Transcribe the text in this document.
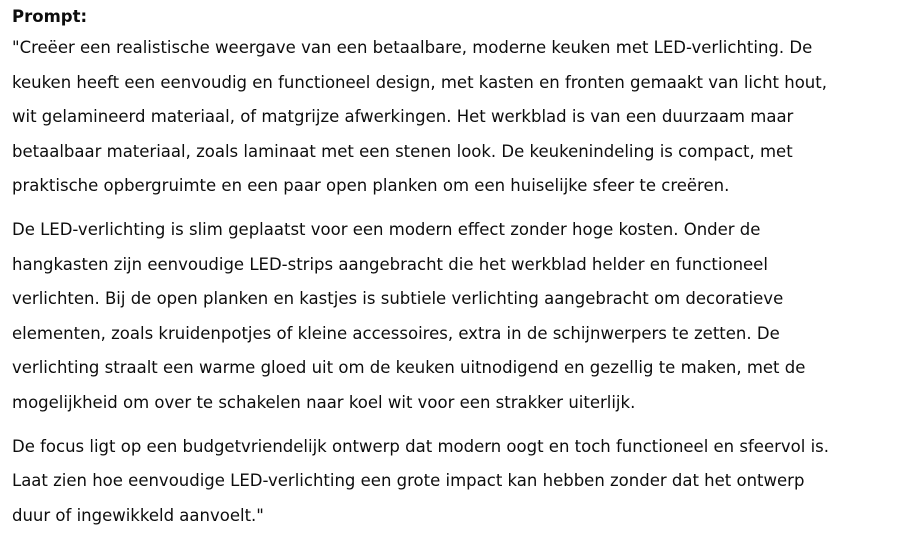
Prompt:
"Creëer een realistische weergave van een betaalbare, moderne keuken met LED-verlichting. De
keuken heeft een eenvoudig en functioneel design, met kasten en fronten gemaakt van licht hout,
wit gelamineerd materiaal, of matgrijze afwerkingen. Het werkblad is van een duurzaam maar
betaalbaar materiaal, zoals laminaat met een stenen look. De keukenindeling is compact, met
praktische opbergruimte en een paar open planken om een huiselijke sfeer te creëren.
De LED-verlichting is slim geplaatst voor een modern effect zonder hoge kosten. Onder de
hangkasten zijn eenvoudige LED-strips aangebracht die het werkblad helder en functioneel
verlichten. Bij de open planken en kastjes is subtiele verlichting aangebracht om decoratieve
elementen, zoals kruidenpotjes of kleine accessoires, extra in de schijnwerpers te zetten. De
verlichting straalt een warme gloed uit om de keuken uitnodigend en gezellig te maken, met de
mogelijkheid om over te schakelen naar koel wit voor een strakker uiterlijk.
De focus ligt op een budgetvriendelijk ontwerp dat modern oogt en toch functioneel en sfeervol is.
Laat zien hoe eenvoudige LED-verlichting een grote impact kan hebben zonder dat het ontwerp
duur of ingewikkeld aanvoelt."
